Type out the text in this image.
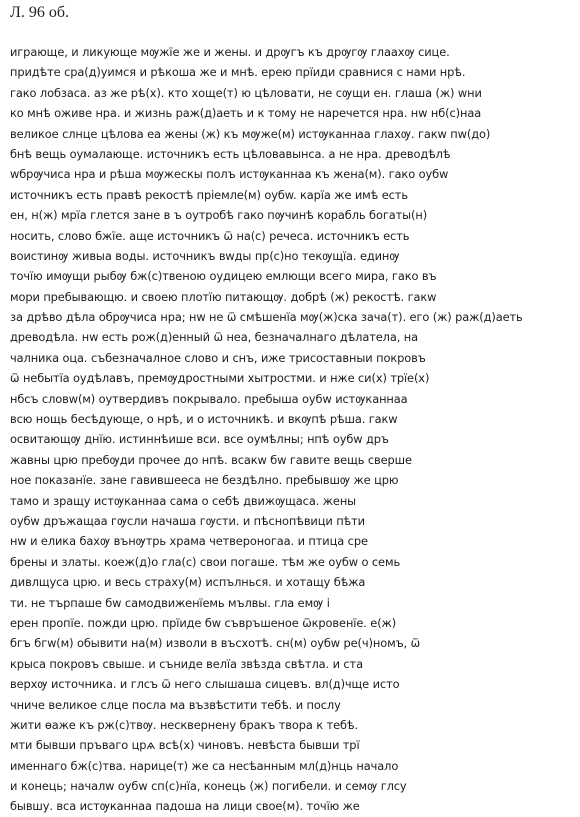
Л. 96 об.
играюще, и ликующе мѹжїе же и жены. и дрѹгъ къ дрѹгѹ глаахѹ сице.
придѣте сра(д)уимся и рѣкоша же и мнѣ. ерею прїиди сравнися с нами нрѣ.
гако лобзаса. аз же рѣ(х). кто хоще(т) ю цѣловати, не сѹщи ен. глаша (ж) wни
ко мнѣ оживе нра. и жизнь раж(д)аеть и к тому не наречется нра. нw нб(с)наа
великое слнце цѣлова еа жены (ж) къ мѹже(м) истѹканнаа глахѹ. гакw пw(до)
бнѣ вещь оумалающе. источникъ есть цѣловавынса. а не нра. древодѣлѣ
wбрѹчиса нра и рѣша мѹжескы полъ истѹканнаа къ жена(м). гако оубw
источникъ есть правѣ рекостѣ прiемле(м) оубw. карїа же имѣ есть
ен, н(ж) мрїа глется зане в ъ оутробѣ гако пѹчинѣ корабль богаты(н)
носить, слово бжїе. аще источникъ ѿ на(с) речеса. источникъ есть
воистинѹ живыа воды. источникъ вwды пр(с)но текѹщїа. единѹ
точїю имѹщи рыбѹ бж(с)твеною оудицею емлющи всего мира, гако въ
мори пребывающю. и своею плотїю питающѹ. добрѣ (ж) рекостѣ. гакw
за дрѣво дѣла обрѹчиса нра; нw не ѿ смѣшенїа мѹ(ж)ска зача(т). его (ж) раж(д)аеть
древодѣла. нw есть рож(д)енный ѿ неа, безначалнаго дѣлатела, на
чалника оца. събезначалное слово и снъ, иже трисоставныи покровъ
ѿ небытїа оудѣлавъ, премѹдростными хытростми. и нже си(х) трїе(х)
нбсъ словw(м) оутвердивъ покрывало. пребыша оубw истѹканнаа
всю нощь бесѣдующе, о нрѣ, и о источникѣ. и вкѹпѣ рѣша. гакw
освитающѹ днїю. истиннѣише вси. все оумѣлны; нпѣ оубw дръ
жавны црю пребѹди прочее до нпѣ. всакw бw гавите вещь сверше
ное показанїе. зане гавившееса не бездѣлно. пребывшѹ же црю
тамо и зращу истѹканнаа сама о себѣ движѹщаса. жены
оубw дръжащаа гѹсли начаша гѹсти. и пѣснопѣвици пѣти
нw и елика бахѹ вънѹтрь храма четвероногаа. и птица сре
брены и златы. коеж(д)о гла(с) свои погаше. тѣм же оубw о семь
дивлщуса црю. и весь страху(м) иcпълнься. и хотащу бѣжа
ти. не търпаше бw самодвиженїемь мълвы. гла емѹ і
ерен пропїе. пожди црю. прїиде бw съвръшеное ѿкровенїе. е(ж)
бгъ бгw(м) обывити на(м) изволи в въсхотѣ. сн(м) оубw ре(ч)номъ, ѿ
крыса покровъ свыше. и сънидe велїа звѣзда свѣтла. и ста
верхѹ источника. и глсъ ѿ него слышаша сицевъ. вл(д)чще исто
чниче великое слце посла ма възвѣстити тебѣ. и послу
жити ѳаже къ рж(с)твѹ. несквернену бракъ творa к тебѣ.
мти бывши пръваго црѧ всѣ(х) чиновъ. невѣста бывши трї
именнаго бж(с)тва. нарице(т) же са несѣанным мл(д)нць начало
и конець; началw оубw сп(с)нїа, конець (ж) погибели. и семѹ глсу
бывшу. вса истѹканнаа падоша на лици свое(м). точїю же
